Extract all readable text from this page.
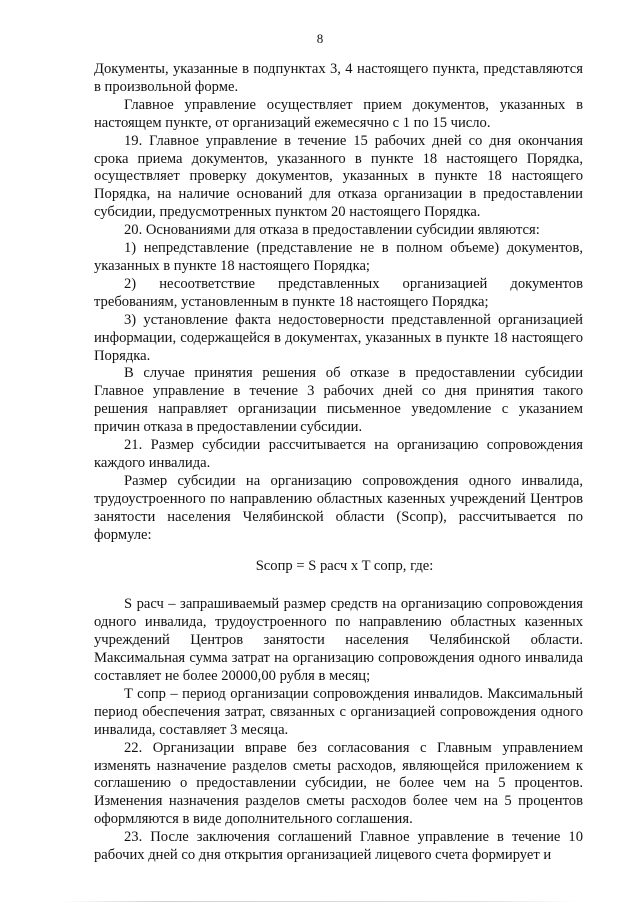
8

Документы, указанные в подпунктах 3, 4 настоящего пункта, представляются в произвольной форме.

Главное управление осуществляет прием документов, указанных в настоящем пункте, от организаций ежемесячно с 1 по 15 число.

19. Главное управление в течение 15 рабочих дней со дня окончания срока приема документов, указанного в пункте 18 настоящего Порядка, осуществляет проверку документов, указанных в пункте 18 настоящего Порядка, на наличие оснований для отказа организации в предоставлении субсидии, предусмотренных пунктом 20 настоящего Порядка.

20. Основаниями для отказа в предоставлении субсидии являются:

1) непредставление (представление не в полном объеме) документов, указанных в пункте 18 настоящего Порядка;

2) несоответствие представленных организацией документов требованиям, установленным в пункте 18 настоящего Порядка;

3) установление факта недостоверности представленной организацией информации, содержащейся в документах, указанных в пункте 18 настоящего Порядка.

В случае принятия решения об отказе в предоставлении субсидии Главное управление в течение 3 рабочих дней со дня принятия такого решения направляет организации письменное уведомление с указанием причин отказа в предоставлении субсидии.

21. Размер субсидии рассчитывается на организацию сопровождения каждого инвалида.

Размер субсидии на организацию сопровождения одного инвалида, трудоустроенного по направлению областных казенных учреждений Центров занятости населения Челябинской области (Scопр), рассчитывается по формуле:

Sсопр = S расч x T сопр, где:

S расч – запрашиваемый размер средств на организацию сопровождения одного инвалида, трудоустроенного по направлению областных казенных учреждений Центров занятости населения Челябинской области. Максимальная сумма затрат на организацию сопровождения одного инвалида составляет не более 20000,00 рубля в месяц;

T сопр – период организации сопровождения инвалидов. Максимальный период обеспечения затрат, связанных с организацией сопровождения одного инвалида, составляет 3 месяца.

22. Организации вправе без согласования с Главным управлением изменять назначение разделов сметы расходов, являющейся приложением к соглашению о предоставлении субсидии, не более чем на 5 процентов. Изменения назначения разделов сметы расходов более чем на 5 процентов оформляются в виде дополнительного соглашения.

23. После заключения соглашений Главное управление в течение 10 рабочих дней со дня открытия организацией лицевого счета формирует и
